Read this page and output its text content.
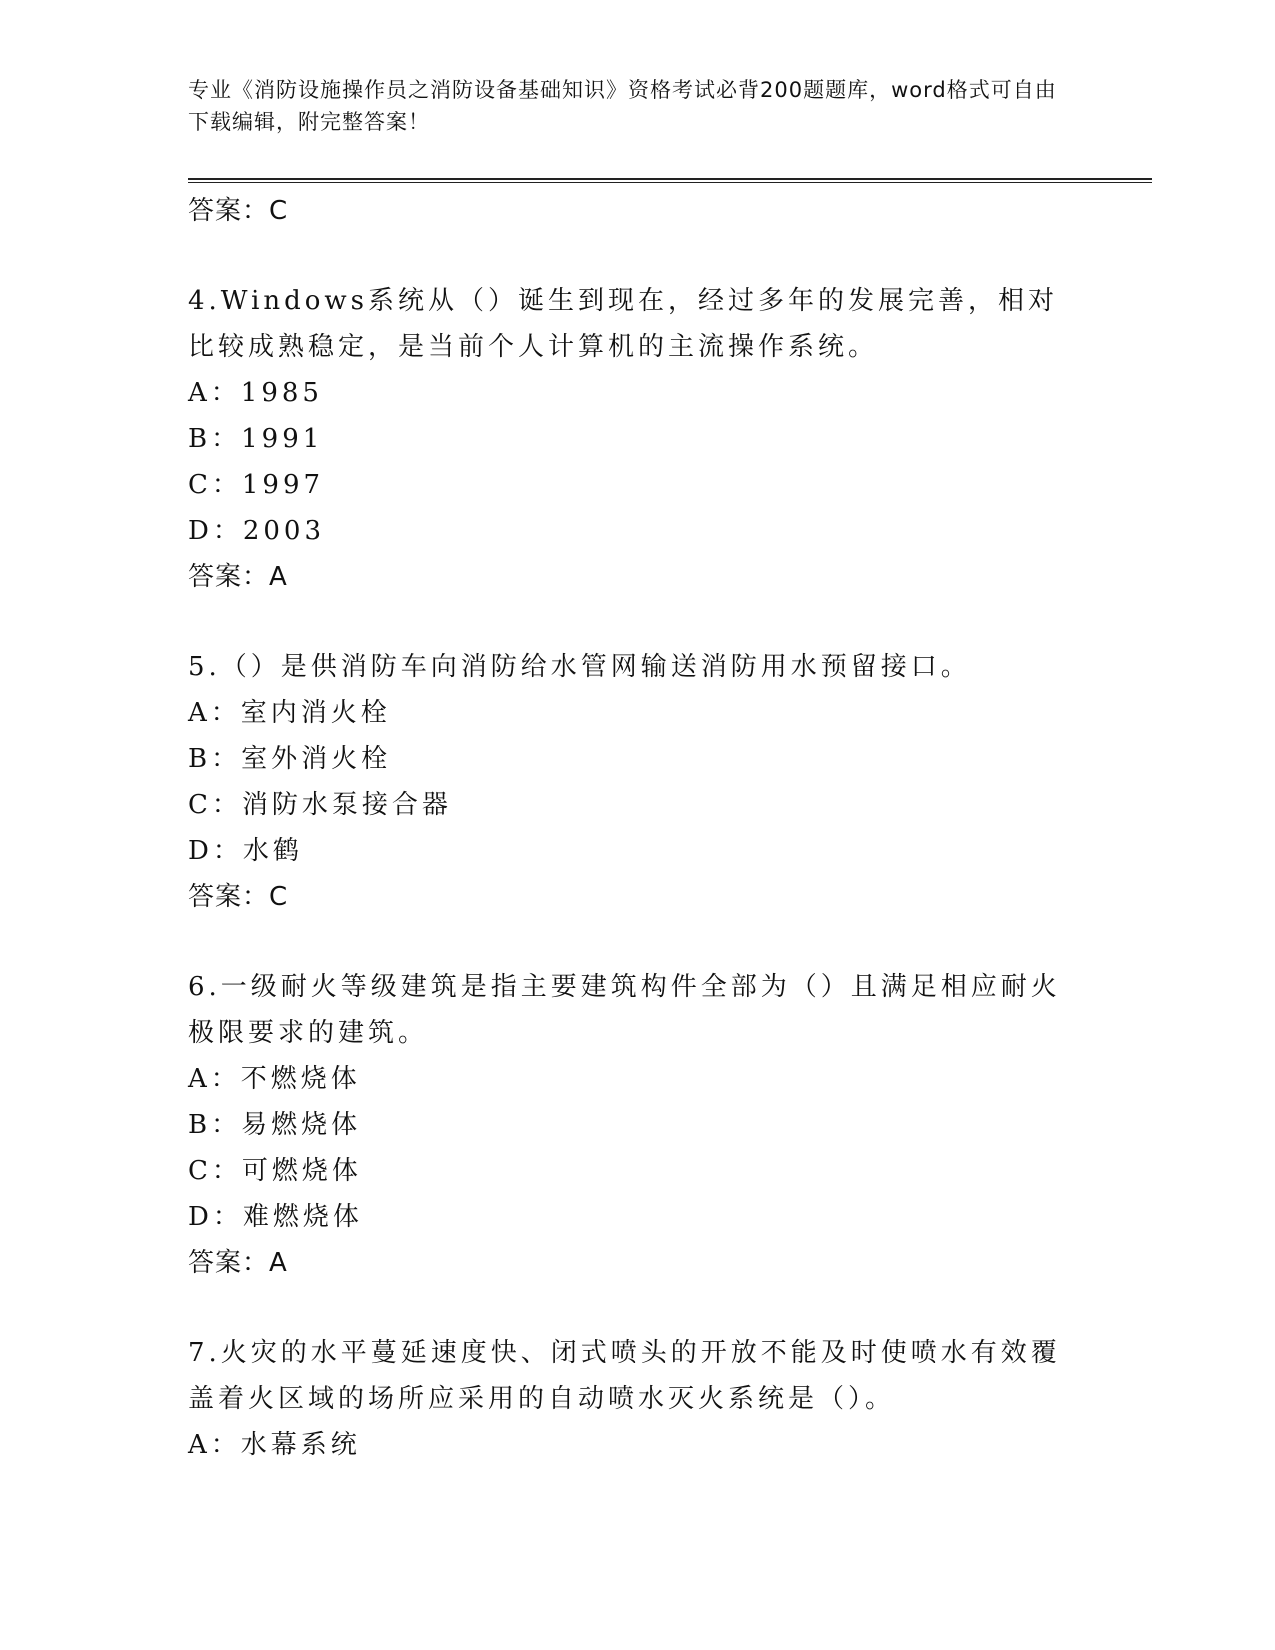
专业《消防设施操作员之消防设备基础知识》资格考试必背200题题库，word格式可自由下载编辑，附完整答案！
答案：C
4.Windows系统从（）诞生到现在，经过多年的发展完善，相对比较成熟稳定，是当前个人计算机的主流操作系统。
A：1985
B：1991
C：1997
D：2003
答案：A
5.（）是供消防车向消防给水管网输送消防用水预留接口。
A：室内消火栓
B：室外消火栓
C：消防水泵接合器
D：水鹤
答案：C
6.一级耐火等级建筑是指主要建筑构件全部为（）且满足相应耐火极限要求的建筑。
A：不燃烧体
B：易燃烧体
C：可燃烧体
D：难燃烧体
答案：A
7.火灾的水平蔓延速度快、闭式喷头的开放不能及时使喷水有效覆盖着火区域的场所应采用的自动喷水灭火系统是（）。
A：水幕系统
